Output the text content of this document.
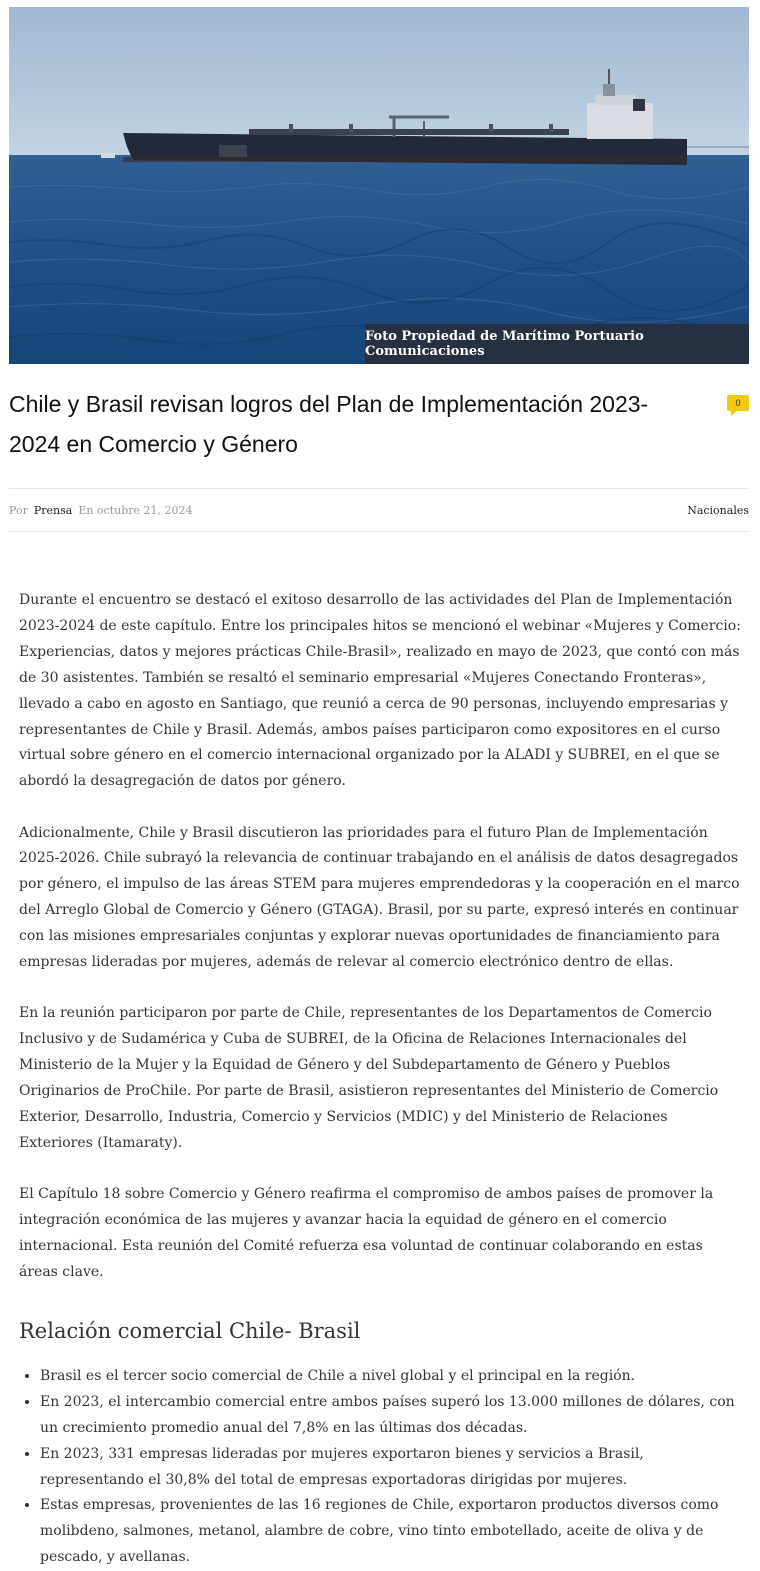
Foto Propiedad de Marítimo Portuario Comunicaciones
Chile y Brasil revisan logros del Plan de Implementación 2023-2024 en Comercio y Género
0
Por Prensa En octubre 21, 2024	Nacionales

Durante el encuentro se destacó el exitoso desarrollo de las actividades del Plan de Implementación 2023-2024 de este capítulo. Entre los principales hitos se mencionó el webinar «Mujeres y Comercio: Experiencias, datos y mejores prácticas Chile-Brasil», realizado en mayo de 2023, que contó con más de 30 asistentes. También se resaltó el seminario empresarial «Mujeres Conectando Fronteras», llevado a cabo en agosto en Santiago, que reunió a cerca de 90 personas, incluyendo empresarias y representantes de Chile y Brasil. Además, ambos países participaron como expositores en el curso virtual sobre género en el comercio internacional organizado por la ALADI y SUBREI, en el que se abordó la desagregación de datos por género.

Adicionalmente, Chile y Brasil discutieron las prioridades para el futuro Plan de Implementación 2025-2026. Chile subrayó la relevancia de continuar trabajando en el análisis de datos desagregados por género, el impulso de las áreas STEM para mujeres emprendedoras y la cooperación en el marco del Arreglo Global de Comercio y Género (GTAGA). Brasil, por su parte, expresó interés en continuar con las misiones empresariales conjuntas y explorar nuevas oportunidades de financiamiento para empresas lideradas por mujeres, además de relevar al comercio electrónico dentro de ellas.

En la reunión participaron por parte de Chile, representantes de los Departamentos de Comercio Inclusivo y de Sudamérica y Cuba de SUBREI, de la Oficina de Relaciones Internacionales del Ministerio de la Mujer y la Equidad de Género y del Subdepartamento de Género y Pueblos Originarios de ProChile. Por parte de Brasil, asistieron representantes del Ministerio de Comercio Exterior, Desarrollo, Industria, Comercio y Servicios (MDIC) y del Ministerio de Relaciones Exteriores (Itamaraty).

El Capítulo 18 sobre Comercio y Género reafirma el compromiso de ambos países de promover la integración económica de las mujeres y avanzar hacia la equidad de género en el comercio internacional. Esta reunión del Comité refuerza esa voluntad de continuar colaborando en estas áreas clave.

Relación comercial Chile- Brasil
• Brasil es el tercer socio comercial de Chile a nivel global y el principal en la región.
• En 2023, el intercambio comercial entre ambos países superó los 13.000 millones de dólares, con un crecimiento promedio anual del 7,8% en las últimas dos décadas.
• En 2023, 331 empresas lideradas por mujeres exportaron bienes y servicios a Brasil, representando el 30,8% del total de empresas exportadoras dirigidas por mujeres.
• Estas empresas, provenientes de las 16 regiones de Chile, exportaron productos diversos como molibdeno, salmones, metanol, alambre de cobre, vino tinto embotellado, aceite de oliva y de pescado, y avellanas.
